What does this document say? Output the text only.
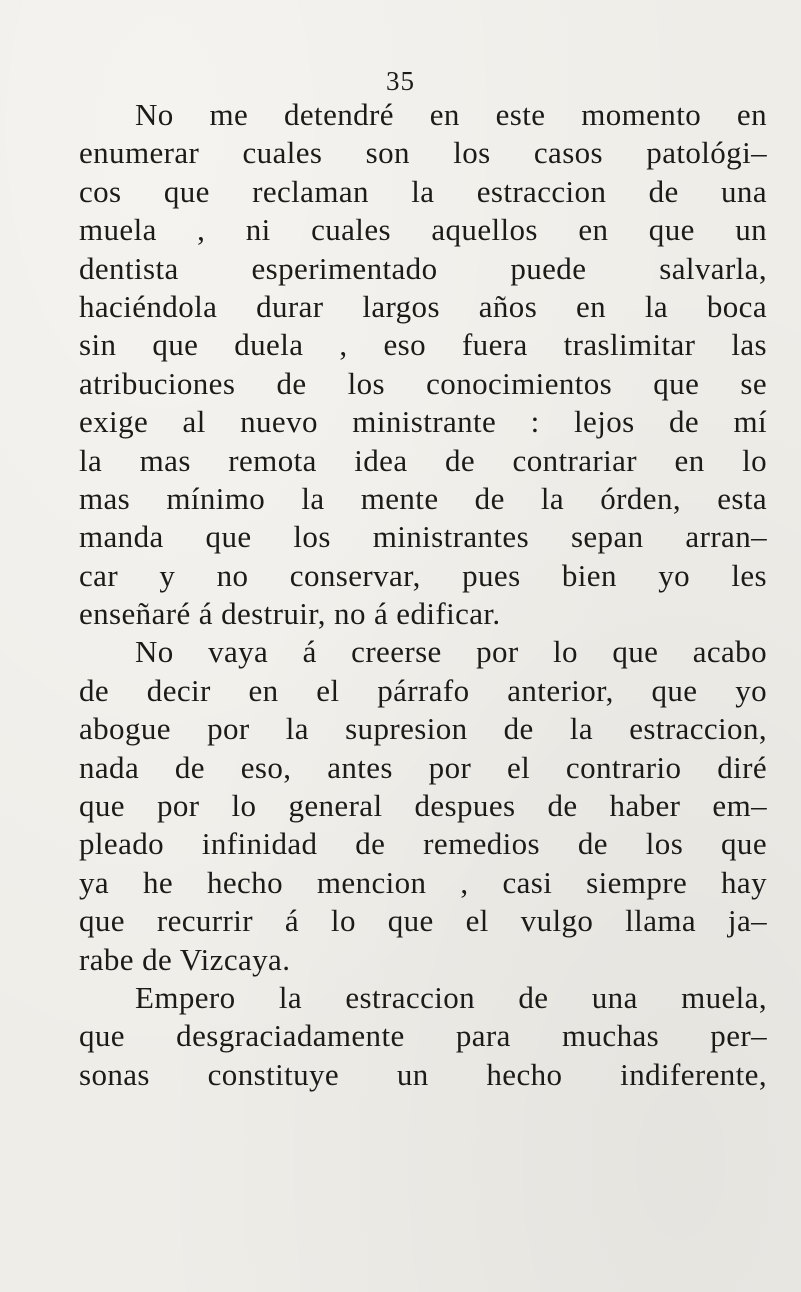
35
No me detendré en este momento en
enumerar cuales son los casos patológi–
cos que reclaman la estraccion de una
muela , ni cuales aquellos en que un
dentista esperimentado puede salvarla,
haciéndola durar largos años en la boca
sin que duela , eso fuera traslimitar las
atribuciones de los conocimientos que se
exige al nuevo ministrante : lejos de mí
la mas remota idea de contrariar en lo
mas mínimo la mente de la órden, esta
manda que los ministrantes sepan arran–
car y no conservar, pues bien yo les
enseñaré á destruir, no á edificar.
No vaya á creerse por lo que acabo
de decir en el párrafo anterior, que yo
abogue por la supresion de la estraccion,
nada de eso, antes por el contrario diré
que por lo general despues de haber em–
pleado infinidad de remedios de los que
ya he hecho mencion , casi siempre hay
que recurrir á lo que el vulgo llama ja–
rabe de Vizcaya.
Empero la estraccion de una muela,
que desgraciadamente para muchas per–
sonas constituye un hecho indiferente,
